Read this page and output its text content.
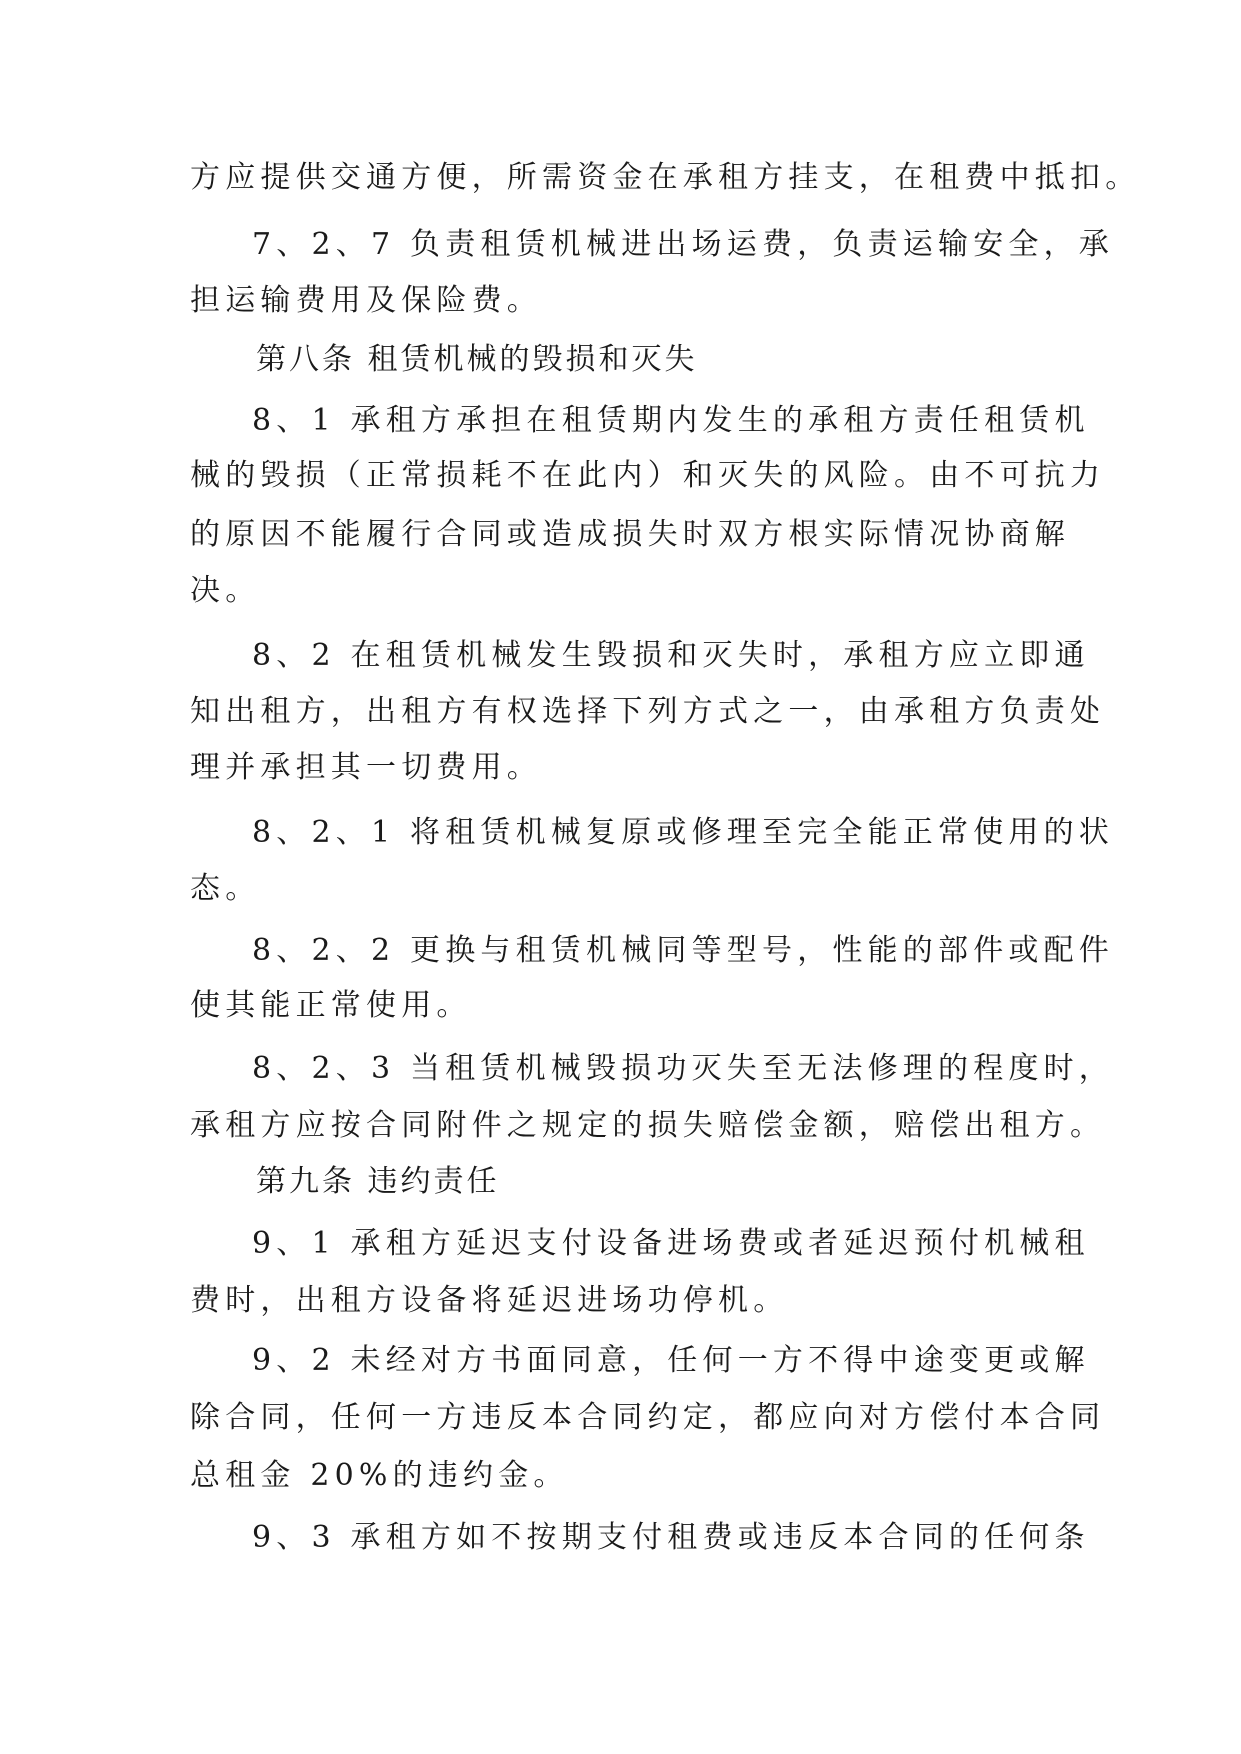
方应提供交通方便，所需资金在承租方挂支，在租费中抵扣。
7、2、7 负责租赁机械进出场运费，负责运输安全，承
担运输费用及保险费。
第八条 租赁机械的毁损和灭失
8、1 承租方承担在租赁期内发生的承租方责任租赁机
械的毁损（正常损耗不在此内）和灭失的风险。由不可抗力
的原因不能履行合同或造成损失时双方根实际情况协商解
决。
8、2 在租赁机械发生毁损和灭失时，承租方应立即通
知出租方，出租方有权选择下列方式之一，由承租方负责处
理并承担其一切费用。
8、2、1 将租赁机械复原或修理至完全能正常使用的状
态。
8、2、2 更换与租赁机械同等型号，性能的部件或配件
使其能正常使用。
8、2、3 当租赁机械毁损功灭失至无法修理的程度时，
承租方应按合同附件之规定的损失赔偿金额，赔偿出租方。
第九条 违约责任
9、1 承租方延迟支付设备进场费或者延迟预付机械租
费时，出租方设备将延迟进场功停机。
9、2 未经对方书面同意，任何一方不得中途变更或解
除合同，任何一方违反本合同约定，都应向对方偿付本合同
总租金 20%的违约金。
9、3 承租方如不按期支付租费或违反本合同的任何条
